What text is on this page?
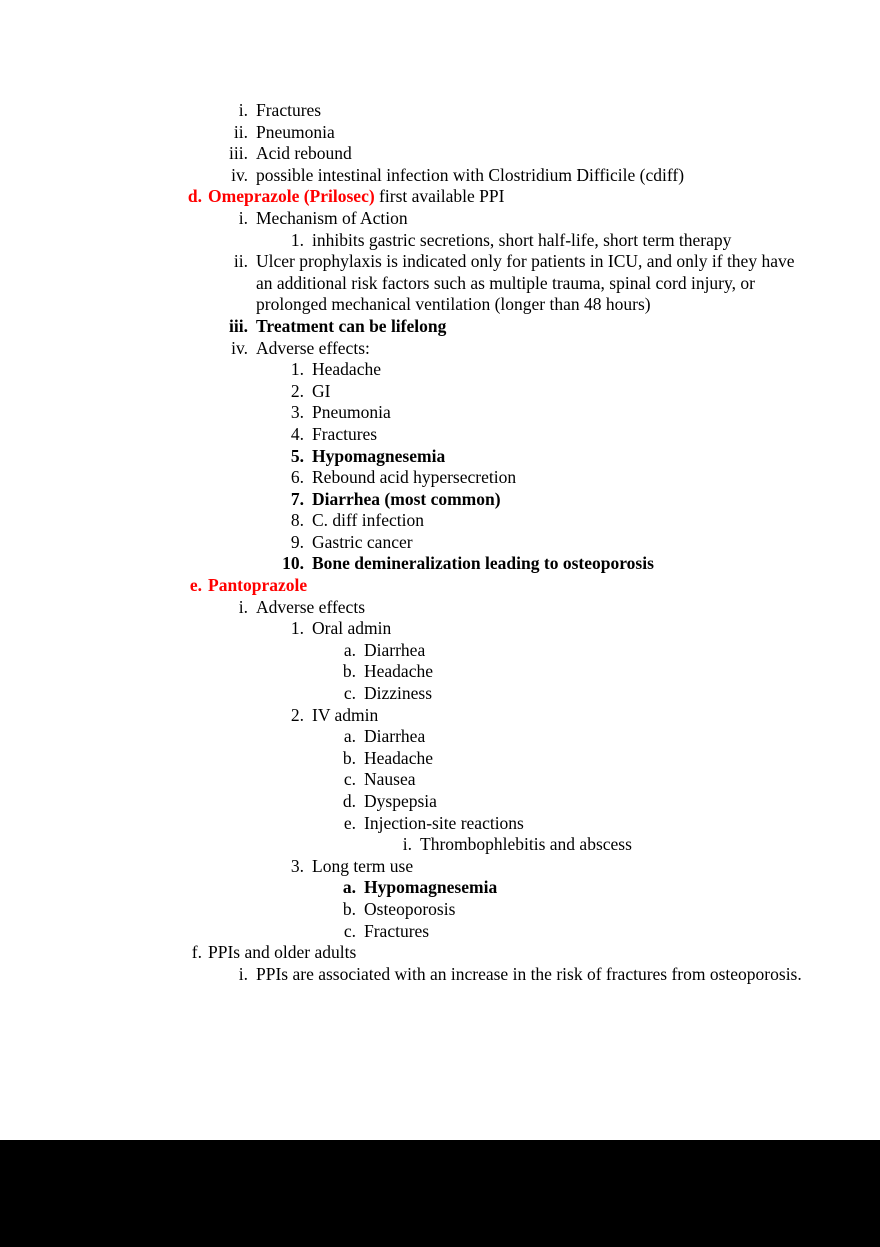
i. Fractures
ii. Pneumonia
iii. Acid rebound
iv. possible intestinal infection with Clostridium Difficile (cdiff)
d. Omeprazole (Prilosec) first available PPI
i. Mechanism of Action
1. inhibits gastric secretions, short half-life, short term therapy
ii. Ulcer prophylaxis is indicated only for patients in ICU, and only if they have an additional risk factors such as multiple trauma, spinal cord injury, or prolonged mechanical ventilation (longer than 48 hours)
iii. Treatment can be lifelong
iv. Adverse effects:
1. Headache
2. GI
3. Pneumonia
4. Fractures
5. Hypomagnesemia
6. Rebound acid hypersecretion
7. Diarrhea (most common)
8. C. diff infection
9. Gastric cancer
10. Bone demineralization leading to osteoporosis
e. Pantoprazole
i. Adverse effects
1. Oral admin
a. Diarrhea
b. Headache
c. Dizziness
2. IV admin
a. Diarrhea
b. Headache
c. Nausea
d. Dyspepsia
e. Injection-site reactions
i. Thrombophlebitis and abscess
3. Long term use
a. Hypomagnesemia
b. Osteoporosis
c. Fractures
f. PPIs and older adults
i. PPIs are associated with an increase in the risk of fractures from osteoporosis.
